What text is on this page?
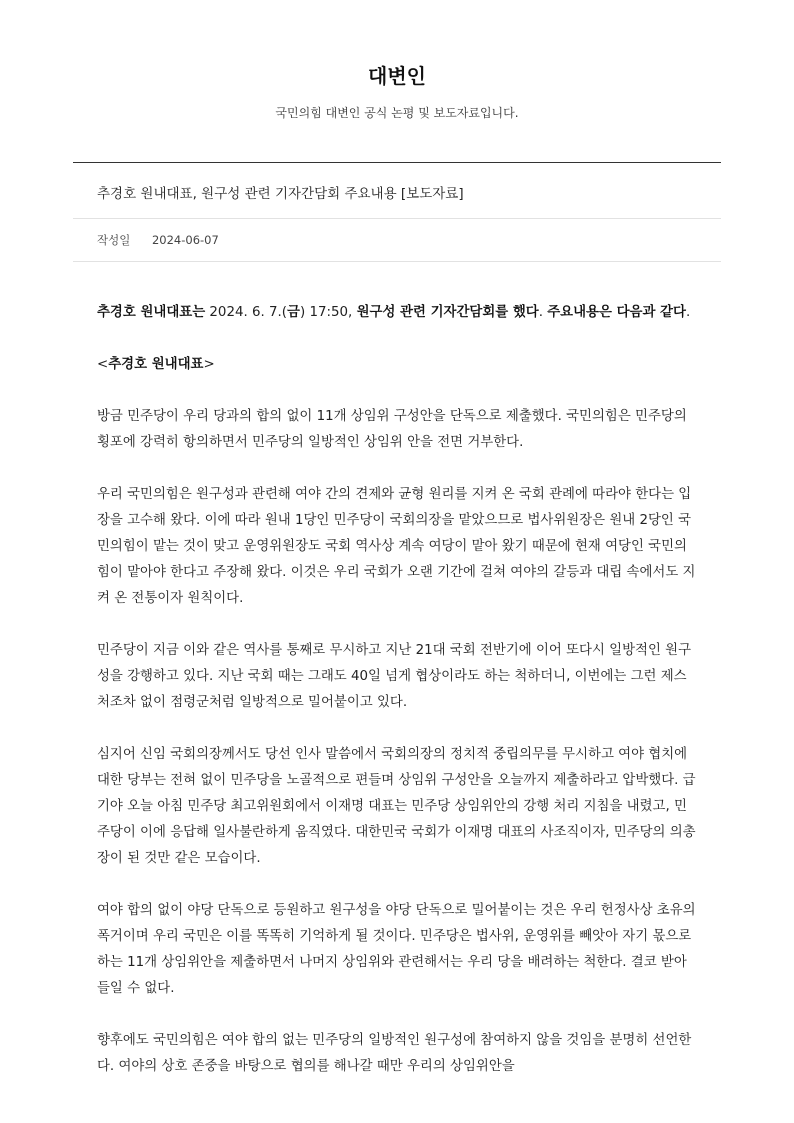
대변인
국민의힘 대변인 공식 논평 및 보도자료입니다.
추경호 원내대표, 원구성 관련 기자간담회 주요내용 [보도자료]
작성일 2024-06-07

추경호 원내대표는 2024. 6. 7.(금) 17:50, 원구성 관련 기자간담회를 했다. 주요내용은 다음과 같다.

<추경호 원내대표>

방금 민주당이 우리 당과의 합의 없이 11개 상임위 구성안을 단독으로 제출했다. 국민의힘은 민주당의 횡포에 강력히 항의하면서 민주당의 일방적인 상임위 안을 전면 거부한다.

우리 국민의힘은 원구성과 관련해 여야 간의 견제와 균형 원리를 지켜 온 국회 관례에 따라야 한다는 입장을 고수해 왔다. 이에 따라 원내 1당인 민주당이 국회의장을 맡았으므로 법사위원장은 원내 2당인 국민의힘이 맡는 것이 맞고 운영위원장도 국회 역사상 계속 여당이 맡아 왔기 때문에 현재 여당인 국민의힘이 맡아야 한다고 주장해 왔다. 이것은 우리 국회가 오랜 기간에 걸쳐 여야의 갈등과 대립 속에서도 지켜 온 전통이자 원칙이다.

민주당이 지금 이와 같은 역사를 통째로 무시하고 지난 21대 국회 전반기에 이어 또다시 일방적인 원구성을 강행하고 있다. 지난 국회 때는 그래도 40일 넘게 협상이라도 하는 척하더니, 이번에는 그런 제스처조차 없이 점령군처럼 일방적으로 밀어붙이고 있다.

심지어 신임 국회의장께서도 당선 인사 말씀에서 국회의장의 정치적 중립의무를 무시하고 여야 협치에 대한 당부는 전혀 없이 민주당을 노골적으로 편들며 상임위 구성안을 오늘까지 제출하라고 압박했다. 급기야 오늘 아침 민주당 최고위원회에서 이재명 대표는 민주당 상임위안의 강행 처리 지침을 내렸고, 민주당이 이에 응답해 일사불란하게 움직였다. 대한민국 국회가 이재명 대표의 사조직이자, 민주당의 의총장이 된 것만 같은 모습이다.

여야 합의 없이 야당 단독으로 등원하고 원구성을 야당 단독으로 밀어붙이는 것은 우리 헌정사상 초유의 폭거이며 우리 국민은 이를 똑똑히 기억하게 될 것이다. 민주당은 법사위, 운영위를 빼앗아 자기 몫으로 하는 11개 상임위안을 제출하면서 나머지 상임위와 관련해서는 우리 당을 배려하는 척한다. 결코 받아들일 수 없다.

향후에도 국민의힘은 여야 합의 없는 민주당의 일방적인 원구성에 참여하지 않을 것임을 분명히 선언한다. 여야의 상호 존중을 바탕으로 협의를 해나갈 때만 우리의 상임위안을
